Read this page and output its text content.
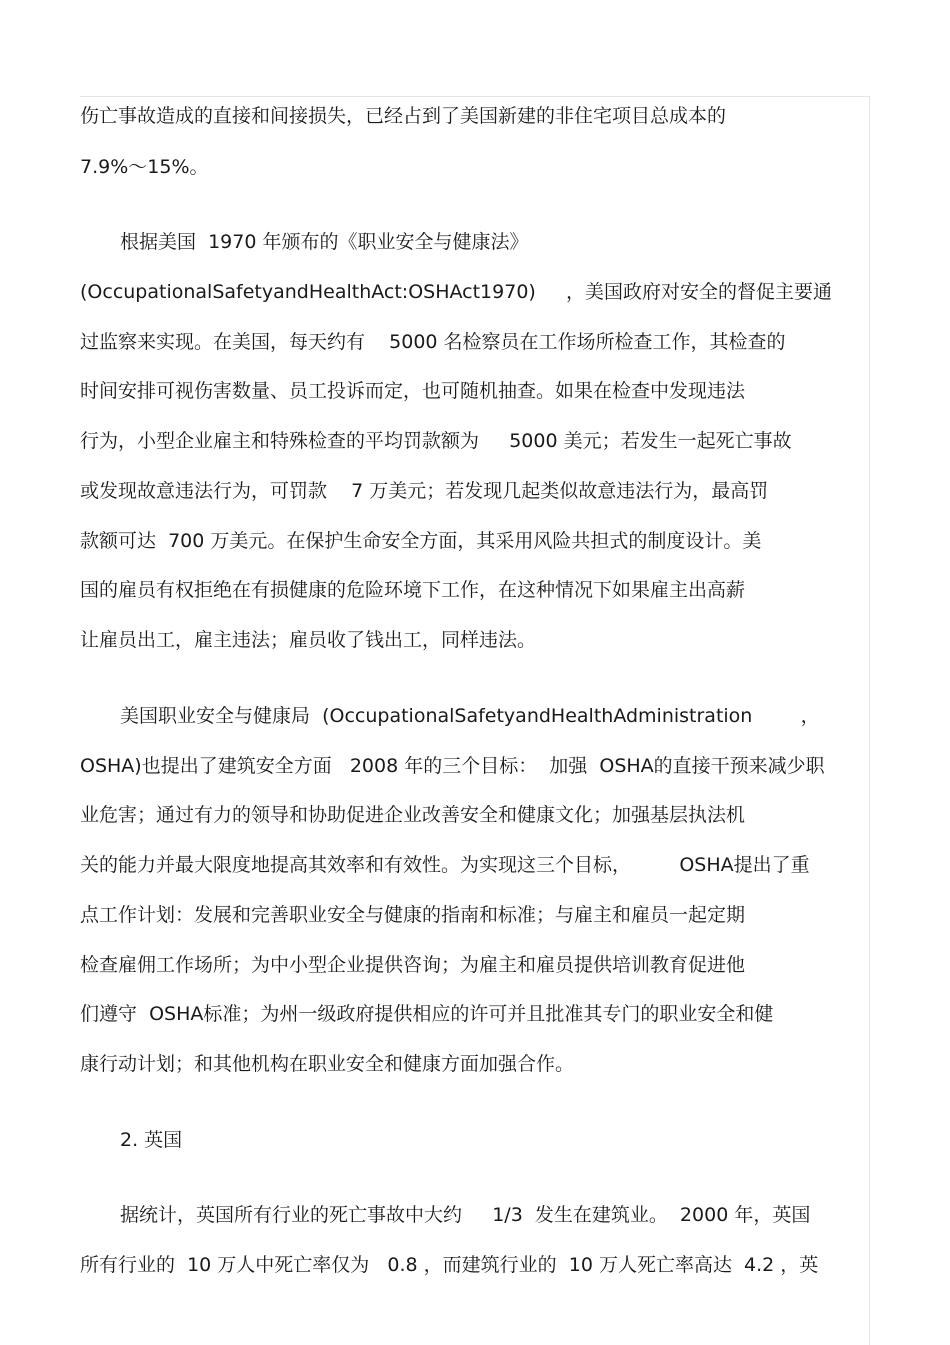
伤亡事故造成的直接和间接损失，已经占到了美国新建的非住宅项目总成本的
7.9%～15%。
根据美国  1970 年颁布的《职业安全与健康法》
(OccupationalSafetyandHealthAct:OSHAct1970)     ，美国政府对安全的督促主要通
过监察来实现。在美国，每天约有    5000 名检察员在工作场所检查工作，其检查的
时间安排可视伤害数量、员工投诉而定，也可随机抽查。如果在检查中发现违法
行为，小型企业雇主和特殊检查的平均罚款额为     5000 美元；若发生一起死亡事故
或发现故意违法行为，可罚款    7 万美元；若发现几起类似故意违法行为，最高罚
款额可达  700 万美元。在保护生命安全方面，其采用风险共担式的制度设计。美
国的雇员有权拒绝在有损健康的危险环境下工作，在这种情况下如果雇主出高薪
让雇员出工，雇主违法；雇员收了钱出工，同样违法。
美国职业安全与健康局  (OccupationalSafetyandHealthAdministration        ，
OSHA)也提出了建筑安全方面   2008 年的三个目标：  加强  OSHA的直接干预来减少职
业危害；通过有力的领导和协助促进企业改善安全和健康文化；加强基层执法机
关的能力并最大限度地提高其效率和有效性。为实现这三个目标，        OSHA提出了重
点工作计划：发展和完善职业安全与健康的指南和标准；与雇主和雇员一起定期
检查雇佣工作场所；为中小型企业提供咨询；为雇主和雇员提供培训教育促进他
们遵守  OSHA标准；为州一级政府提供相应的许可并且批准其专门的职业安全和健
康行动计划；和其他机构在职业安全和健康方面加强合作。
2. 英国
据统计，英国所有行业的死亡事故中大约     1/3  发生在建筑业。  2000 年，英国
所有行业的  10 万人中死亡率仅为   0.8 ，而建筑行业的  10 万人死亡率高达  4.2 ，英
